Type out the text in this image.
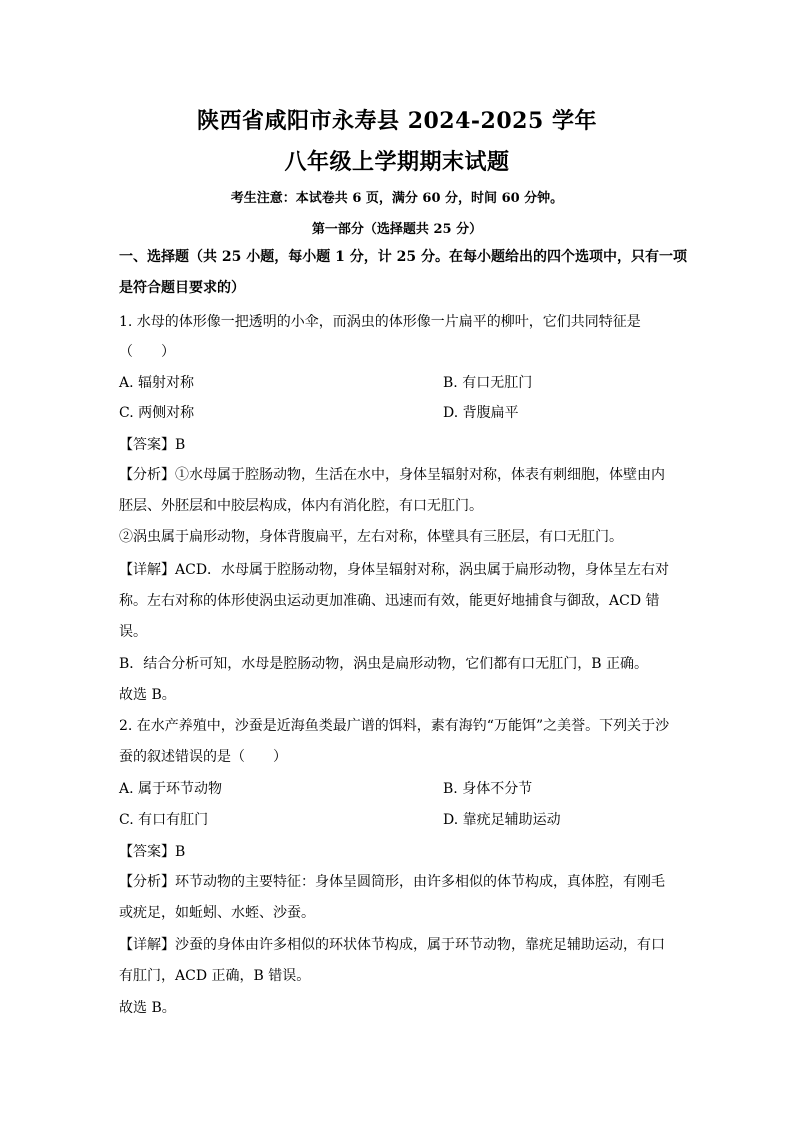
陕西省咸阳市永寿县 2024-2025 学年
八年级上学期期末试题
考生注意：本试卷共 6 页，满分 60 分，时间 60 分钟。
第一部分（选择题共 25 分）
一、选择题（共 25 小题，每小题 1 分，计 25 分。在每小题给出的四个选项中，只有一项
是符合题目要求的）
1. 水母的体形像一把透明的小伞，而涡虫的体形像一片扁平的柳叶，它们共同特征是
（　　）
A. 辐射对称	B. 有口无肛门
C. 两侧对称	D. 背腹扁平
【答案】B
【分析】①水母属于腔肠动物，生活在水中，身体呈辐射对称，体表有刺细胞，体壁由内
胚层、外胚层和中胶层构成，体内有消化腔，有口无肛门。
②涡虫属于扁形动物，身体背腹扁平，左右对称，体壁具有三胚层，有口无肛门。
【详解】ACD．水母属于腔肠动物，身体呈辐射对称，涡虫属于扁形动物，身体呈左右对
称。左右对称的体形使涡虫运动更加准确、迅速而有效，能更好地捕食与御敌，ACD 错
误。
B．结合分析可知，水母是腔肠动物，涡虫是扁形动物，它们都有口无肛门，B 正确。
故选 B。
2. 在水产养殖中，沙蚕是近海鱼类最广谱的饵料，素有海钓“万能饵”之美誉。下列关于沙
蚕的叙述错误的是（　　）
A. 属于环节动物	B. 身体不分节
C. 有口有肛门	D. 靠疣足辅助运动
【答案】B
【分析】环节动物的主要特征：身体呈圆筒形，由许多相似的体节构成，真体腔，有刚毛
或疣足，如蚯蚓、水蛭、沙蚕。
【详解】沙蚕的身体由许多相似的环状体节构成，属于环节动物，靠疣足辅助运动，有口
有肛门，ACD 正确，B 错误。
故选 B。
